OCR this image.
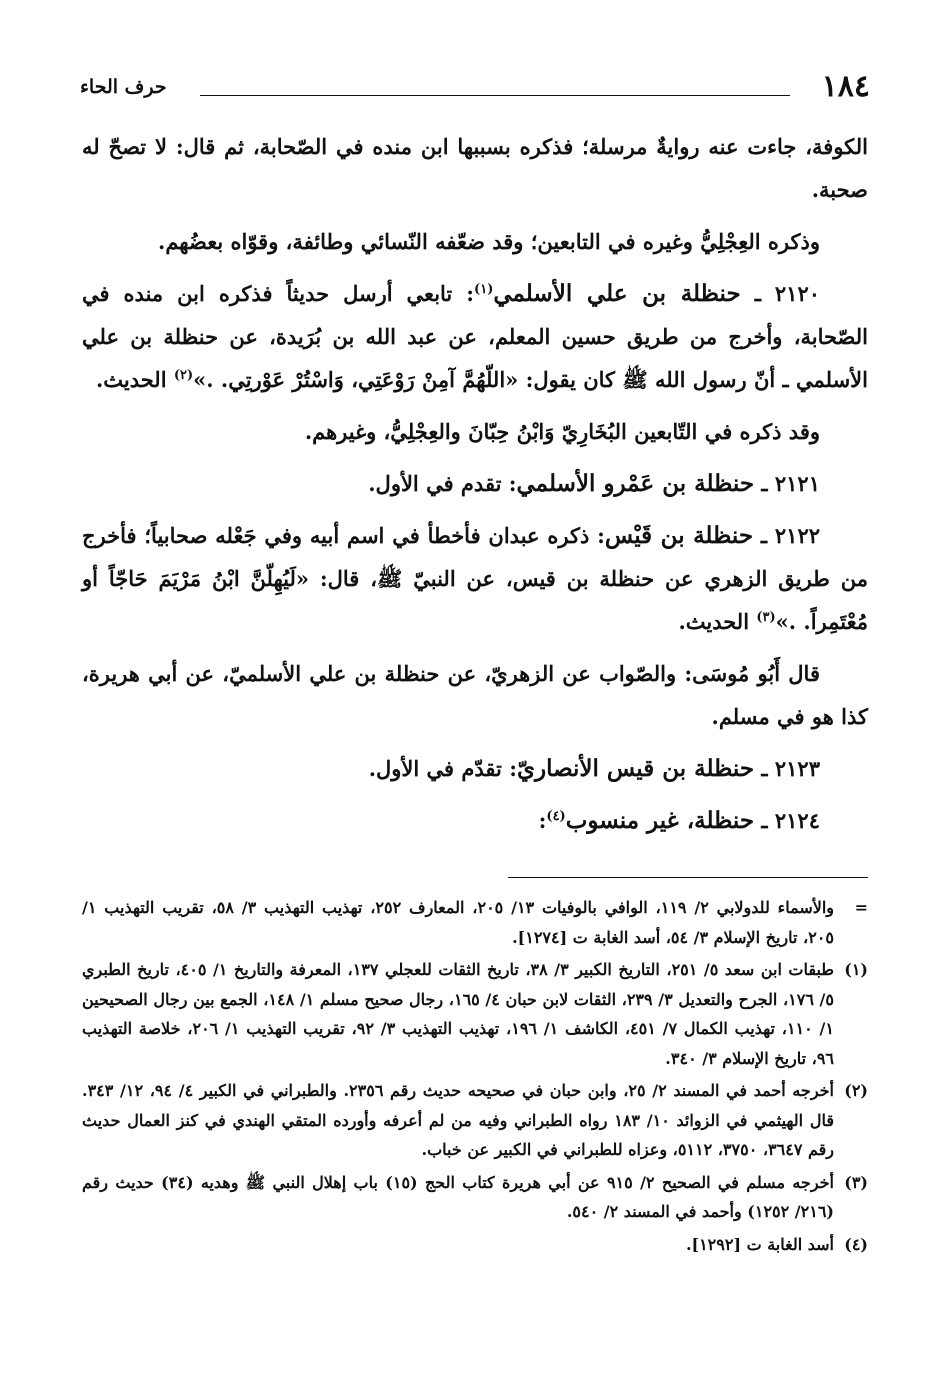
١٨٤
حرف الحاء

الكوفة، جاءت عنه روايةٌ مرسلة؛ فذكره بسببها ابن منده في الصّحابة، ثم قال: لا تصحّ له صحبة.

وذكره العِجْلِيُّ وغيره في التابعين؛ وقد ضعّفه النّسائي وطائفة، وقوّاه بعضُهم.

٢١٢٠ ـ حنظلة بن علي الأسلمي$^{(١)}$: تابعي أرسل حديثاً فذكره ابن منده في الصّحابة، وأخرج من طريق حسين المعلم، عن عبد الله بن بُرَيدة، عن حنظلة بن علي الأسلمي ـ أنّ رسول الله ﷺ كان يقول: «اللّهُمَّ آمِنْ رَوْعَتِي، وَاسْتُرْ عَوْرتِي. .»$^{(٢)}$ الحديث.

وقد ذكره في التّابعين البُخَارِيّ وَابْنُ حِبّانَ والعِجْلِيُّ، وغيرهم.

٢١٢١ ـ حنظلة بن عَمْرو الأسلمي: تقدم في الأول.

٢١٢٢ ـ حنظلة بن قَيْس: ذكره عبدان فأخطأ في اسم أبيه وفي جَعْله صحابياً؛ فأخرج من طريق الزهري عن حنظلة بن قيس، عن النبيّ ﷺ، قال: «لَيُهِلّنَّ ابْنُ مَرْيَمَ حَاجّاً أو مُعْتَمِراً. .»$^{(٣)}$ الحديث.

قال أَبُو مُوسَى: والصّواب عن الزهريّ، عن حنظلة بن علي الأسلميّ، عن أبي هريرة، كذا هو في مسلم.

٢١٢٣ ـ حنظلة بن قيس الأنصاريّ: تقدّم في الأول.

٢١٢٤ ـ حنظلة، غير منسوب$^{(٤)}$:

=
والأسماء للدولابي ٢/ ١١٩، الوافي بالوفيات ١٣/ ٢٠٥، المعارف ٢٥٢، تهذيب التهذيب ٣/ ٥٨، تقريب التهذيب ١/ ٢٠٥، تاريخ الإسلام ٣/ ٥٤، أسد الغابة ت [١٢٧٤].
(١)
طبقات ابن سعد ٥/ ٢٥١، التاريخ الكبير ٣/ ٣٨، تاريخ الثقات للعجلي ١٣٧، المعرفة والتاريخ ١/ ٤٠٥، تاريخ الطبري ٥/ ١٧٦، الجرح والتعديل ٣/ ٢٣٩، الثقات لابن حبان ٤/ ١٦٥، رجال صحيح مسلم ١/ ١٤٨، الجمع بين رجال الصحيحين ١/ ١١٠، تهذيب الكمال ٧/ ٤٥١، الكاشف ١/ ١٩٦، تهذيب التهذيب ٣/ ٩٢، تقريب التهذيب ١/ ٢٠٦، خلاصة التهذيب ٩٦، تاريخ الإسلام ٣/ ٣٤٠.
(٢)
أخرجه أحمد في المسند ٢/ ٢٥، وابن حبان في صحيحه حديث رقم ٢٣٥٦. والطبراني في الكبير ٤/ ٩٤، ١٢/ ٣٤٣. قال الهيثمي في الزوائد ١٠/ ١٨٣ رواه الطبراني وفيه من لم أعرفه وأورده المتقي الهندي في كنز العمال حديث رقم ٣٦٤٧، ٣٧٥٠، ٥١١٢، وعزاه للطبراني في الكبير عن خباب.
(٣)
أخرجه مسلم في الصحيح ٢/ ٩١٥ عن أبي هريرة كتاب الحج (١٥) باب إهلال النبي ﷺ وهديه (٣٤) حديث رقم (٢١٦/ ١٢٥٢) وأحمد في المسند ٢/ ٥٤٠.
(٤)
أسد الغابة ت [١٢٩٢].
